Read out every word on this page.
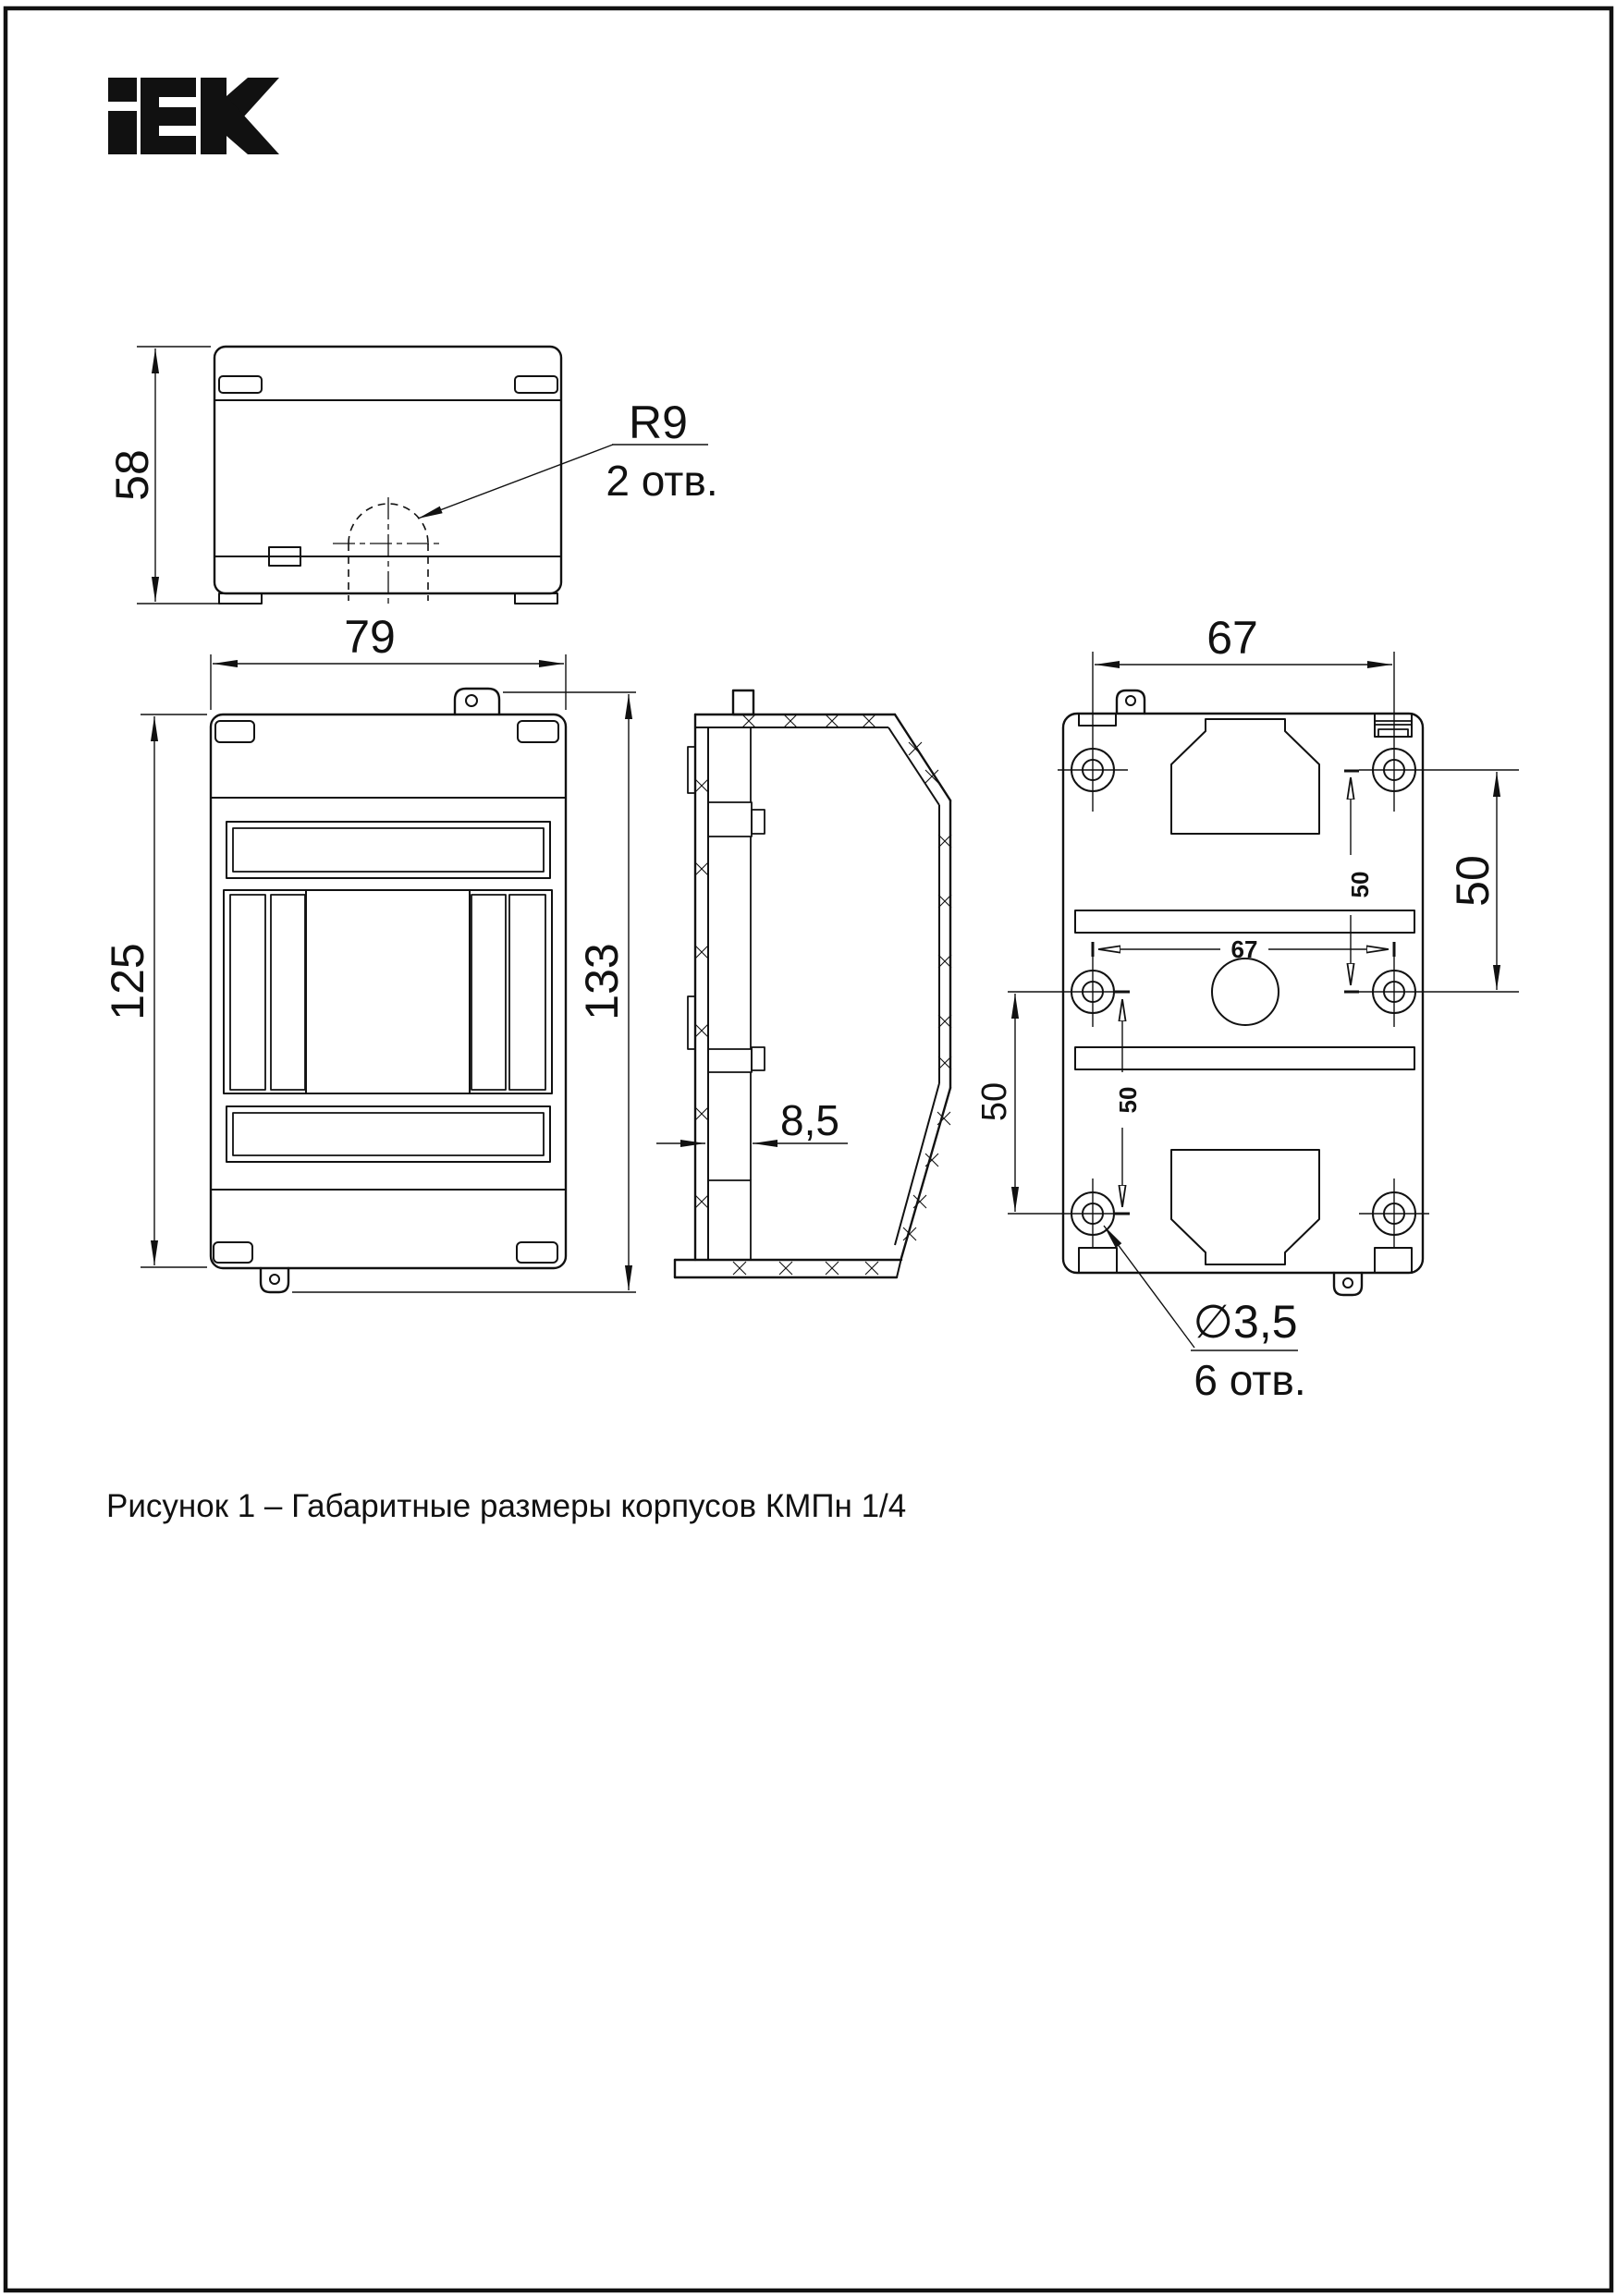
58
R9
2 отв.
79
125	133
8,5
67
50
50
50
50
67
∅3,5
6 отв.
Рисунок 1 – Габаритные размеры корпусов КМПн 1/4
